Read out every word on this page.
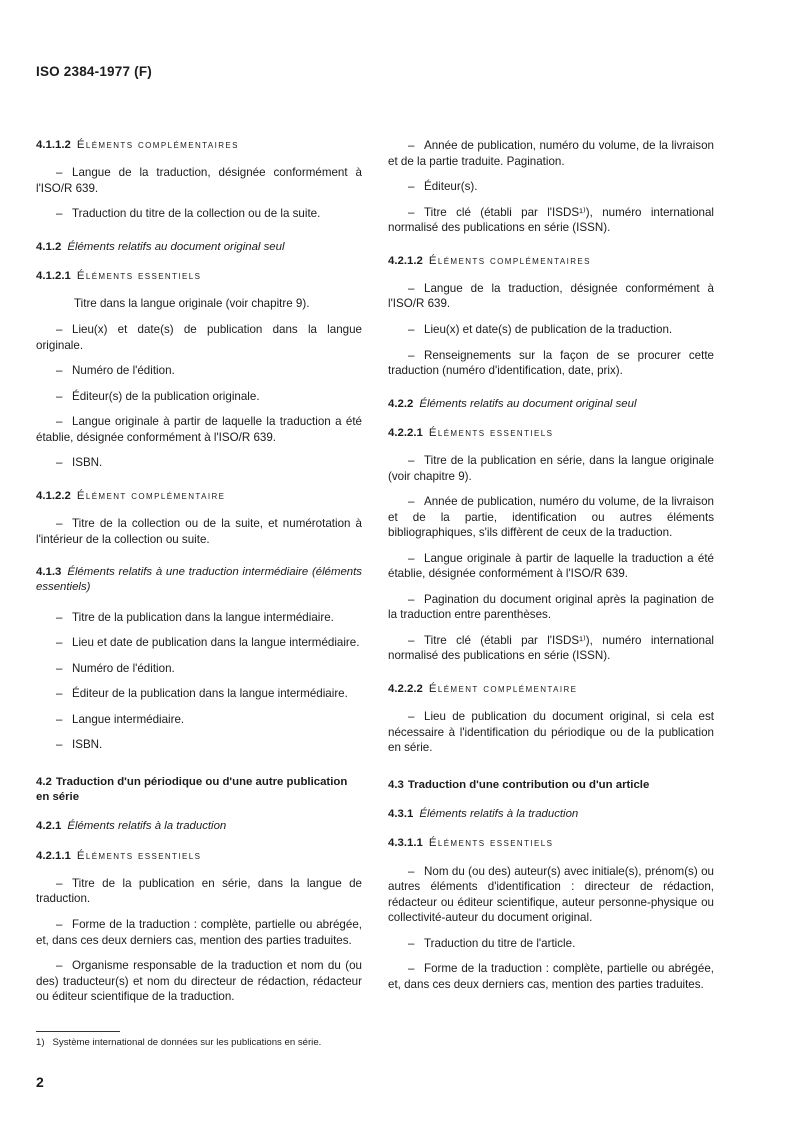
ISO 2384-1977 (F)

4.1.1.2 Éléments complémentaires

– Langue de la traduction, désignée conformément à l'ISO/R 639.

– Traduction du titre de la collection ou de la suite.

4.1.2 Éléments relatifs au document original seul

4.1.2.1 Éléments essentiels

Titre dans la langue originale (voir chapitre 9).

– Lieu(x) et date(s) de publication dans la langue originale.

– Numéro de l'édition.

– Éditeur(s) de la publication originale.

– Langue originale à partir de laquelle la traduction a été établie, désignée conformément à l'ISO/R 639.

– ISBN.

4.1.2.2 Élément complémentaire

– Titre de la collection ou de la suite, et numérotation à l'intérieur de la collection ou suite.

4.1.3 Éléments relatifs à une traduction intermédiaire (éléments essentiels)

– Titre de la publication dans la langue intermédiaire.

– Lieu et date de publication dans la langue intermédiaire.

– Numéro de l'édition.

– Éditeur de la publication dans la langue intermédiaire.

– Langue intermédiaire.

– ISBN.

4.2 Traduction d'un périodique ou d'une autre publication en série

4.2.1 Éléments relatifs à la traduction

4.2.1.1 Éléments essentiels

– Titre de la publication en série, dans la langue de traduction.

– Forme de la traduction : complète, partielle ou abrégée, et, dans ces deux derniers cas, mention des parties traduites.

– Organisme responsable de la traduction et nom du (ou des) traducteur(s) et nom du directeur de rédaction, rédacteur ou éditeur scientifique de la traduction.

– Année de publication, numéro du volume, de la livraison et de la partie traduite. Pagination.

– Éditeur(s).

– Titre clé (établi par l'ISDS¹⁾), numéro international normalisé des publications en série (ISSN).

4.2.1.2 Éléments complémentaires

– Langue de la traduction, désignée conformément à l'ISO/R 639.

– Lieu(x) et date(s) de publication de la traduction.

– Renseignements sur la façon de se procurer cette traduction (numéro d'identification, date, prix).

4.2.2 Éléments relatifs au document original seul

4.2.2.1 Éléments essentiels

– Titre de la publication en série, dans la langue originale (voir chapitre 9).

– Année de publication, numéro du volume, de la livraison et de la partie, identification ou autres éléments bibliographiques, s'ils diffèrent de ceux de la traduction.

– Langue originale à partir de laquelle la traduction a été établie, désignée conformément à l'ISO/R 639.

– Pagination du document original après la pagination de la traduction entre parenthèses.

– Titre clé (établi par l'ISDS¹⁾), numéro international normalisé des publications en série (ISSN).

4.2.2.2 Élément complémentaire

– Lieu de publication du document original, si cela est nécessaire à l'identification du périodique ou de la publication en série.

4.3 Traduction d'une contribution ou d'un article

4.3.1 Éléments relatifs à la traduction

4.3.1.1 Éléments essentiels

– Nom du (ou des) auteur(s) avec initiale(s), prénom(s) ou autres éléments d'identification : directeur de rédaction, rédacteur ou éditeur scientifique, auteur personne-physique ou collectivité-auteur du document original.

– Traduction du titre de l'article.

– Forme de la traduction : complète, partielle ou abrégée, et, dans ces deux derniers cas, mention des parties traduites.

1) Système international de données sur les publications en série.
2
